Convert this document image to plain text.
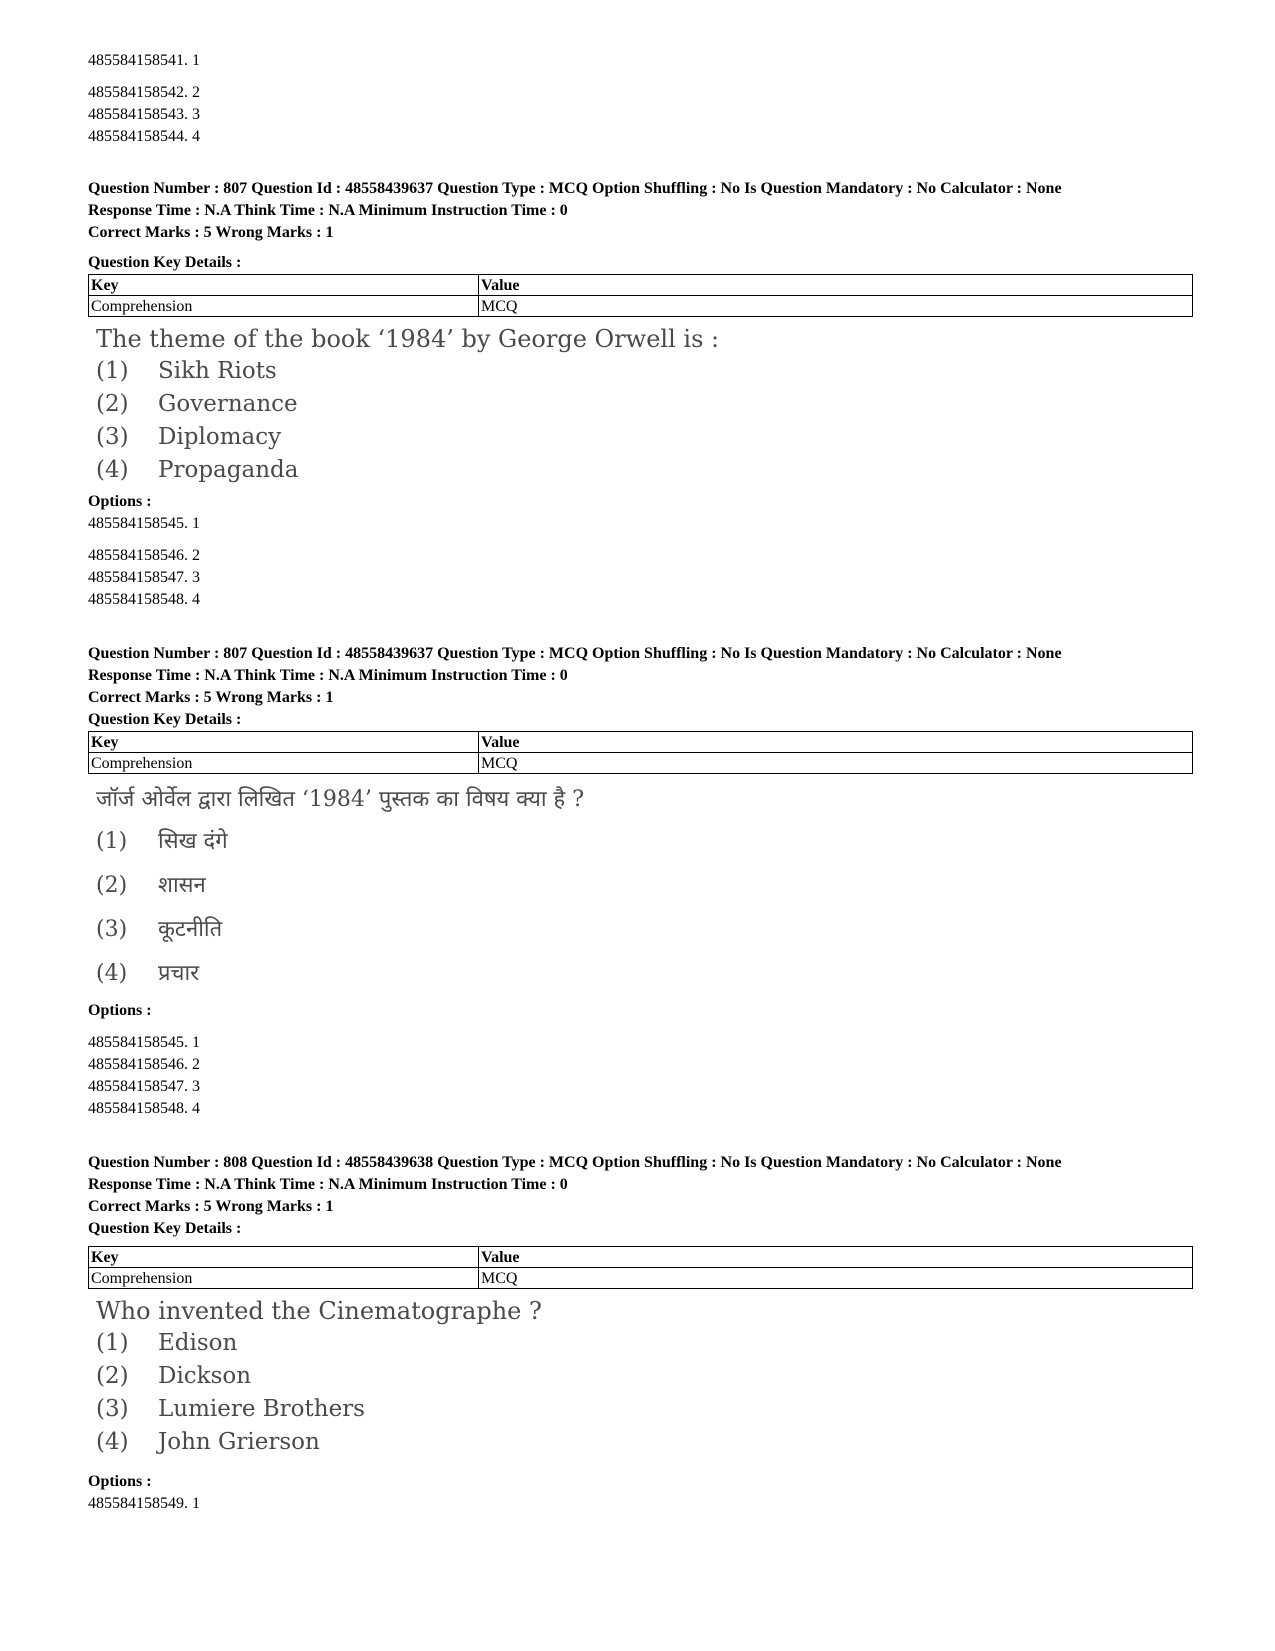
485584158541. 1
485584158542. 2
485584158543. 3
485584158544. 4
Question Number : 807 Question Id : 48558439637 Question Type : MCQ Option Shuffling : No Is Question Mandatory : No Calculator : None
Response Time : N.A Think Time : N.A Minimum Instruction Time : 0
Correct Marks : 5 Wrong Marks : 1
Question Key Details :
Key	Value
Comprehension	MCQ
The theme of the book ‘1984’ by George Orwell is :
(1) Sikh Riots
(2) Governance
(3) Diplomacy
(4) Propaganda
Options :
485584158545. 1
485584158546. 2
485584158547. 3
485584158548. 4
Question Number : 807 Question Id : 48558439637 Question Type : MCQ Option Shuffling : No Is Question Mandatory : No Calculator : None
Response Time : N.A Think Time : N.A Minimum Instruction Time : 0
Correct Marks : 5 Wrong Marks : 1
Question Key Details :
Key	Value
Comprehension	MCQ
जॉर्ज ओर्वेल द्वारा लिखित ‘1984’ पुस्तक का विषय क्या है ?
(1) सिख दंगे
(2) शासन
(3) कूटनीति
(4) प्रचार
Options :
485584158545. 1
485584158546. 2
485584158547. 3
485584158548. 4
Question Number : 808 Question Id : 48558439638 Question Type : MCQ Option Shuffling : No Is Question Mandatory : No Calculator : None
Response Time : N.A Think Time : N.A Minimum Instruction Time : 0
Correct Marks : 5 Wrong Marks : 1
Question Key Details :
Key	Value
Comprehension	MCQ
Who invented the Cinematographe ?
(1) Edison
(2) Dickson
(3) Lumiere Brothers
(4) John Grierson
Options :
485584158549. 1
